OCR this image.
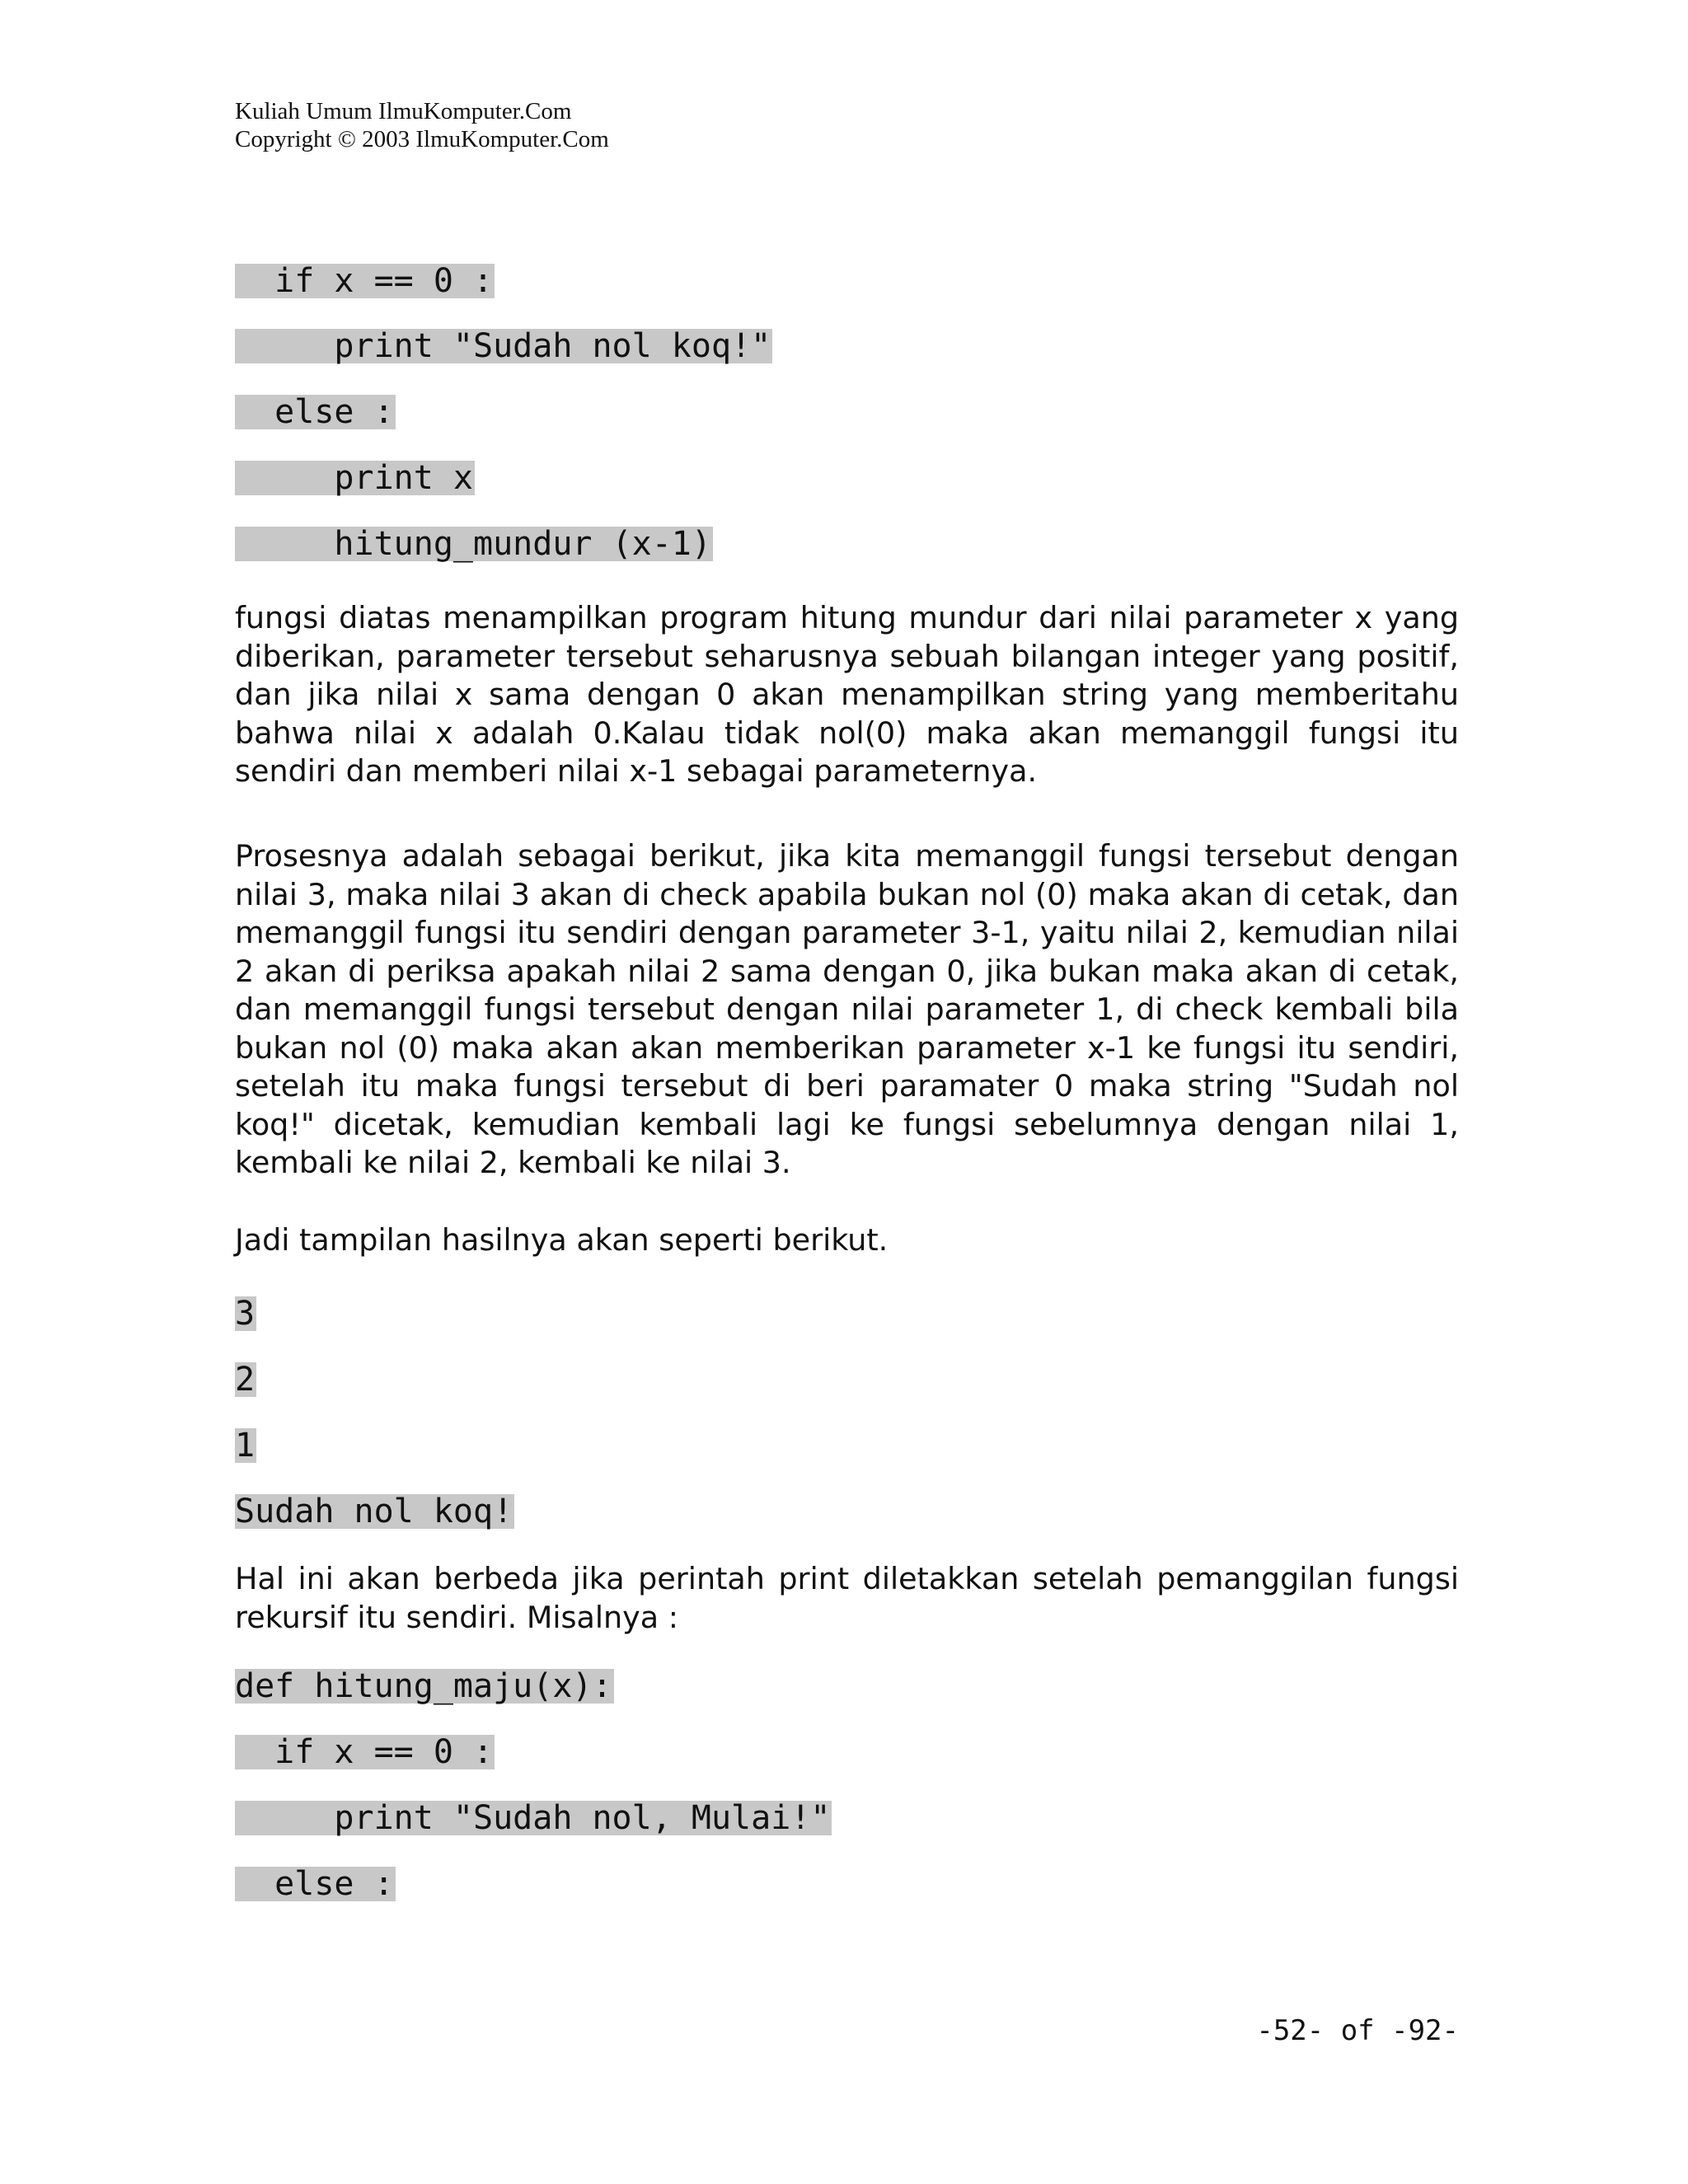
Kuliah Umum IlmuKomputer.Com
Copyright © 2003 IlmuKomputer.Com
if x == 0 :
print "Sudah nol koq!"
else :
print x
hitung_mundur (x-1)
fungsi diatas menampilkan program hitung mundur dari nilai parameter x yang diberikan, parameter tersebut seharusnya sebuah bilangan integer yang positif, dan jika nilai x sama dengan 0 akan menampilkan string yang memberitahu bahwa nilai x adalah 0.Kalau tidak nol(0) maka akan memanggil fungsi itu sendiri dan memberi nilai x-1 sebagai parameternya.
Prosesnya adalah sebagai berikut, jika kita memanggil fungsi tersebut dengan nilai 3, maka nilai 3 akan di check apabila bukan nol (0) maka akan di cetak, dan memanggil fungsi itu sendiri dengan parameter 3-1, yaitu nilai 2, kemudian nilai 2 akan di periksa apakah nilai 2 sama dengan 0, jika bukan maka akan di cetak, dan memanggil fungsi tersebut dengan nilai parameter 1, di check kembali bila bukan nol (0) maka akan akan memberikan parameter x-1 ke fungsi itu sendiri, setelah itu maka fungsi tersebut di beri paramater 0 maka string "Sudah nol koq!" dicetak, kemudian kembali lagi ke fungsi sebelumnya dengan nilai 1, kembali ke nilai 2, kembali ke nilai 3.
Jadi tampilan hasilnya akan seperti berikut.
3
2
1
Sudah nol koq!
Hal ini akan berbeda jika perintah print diletakkan setelah pemanggilan fungsi rekursif itu sendiri. Misalnya :
def hitung_maju(x):
if x == 0 :
print "Sudah nol, Mulai!"
else :
-52- of -92-
